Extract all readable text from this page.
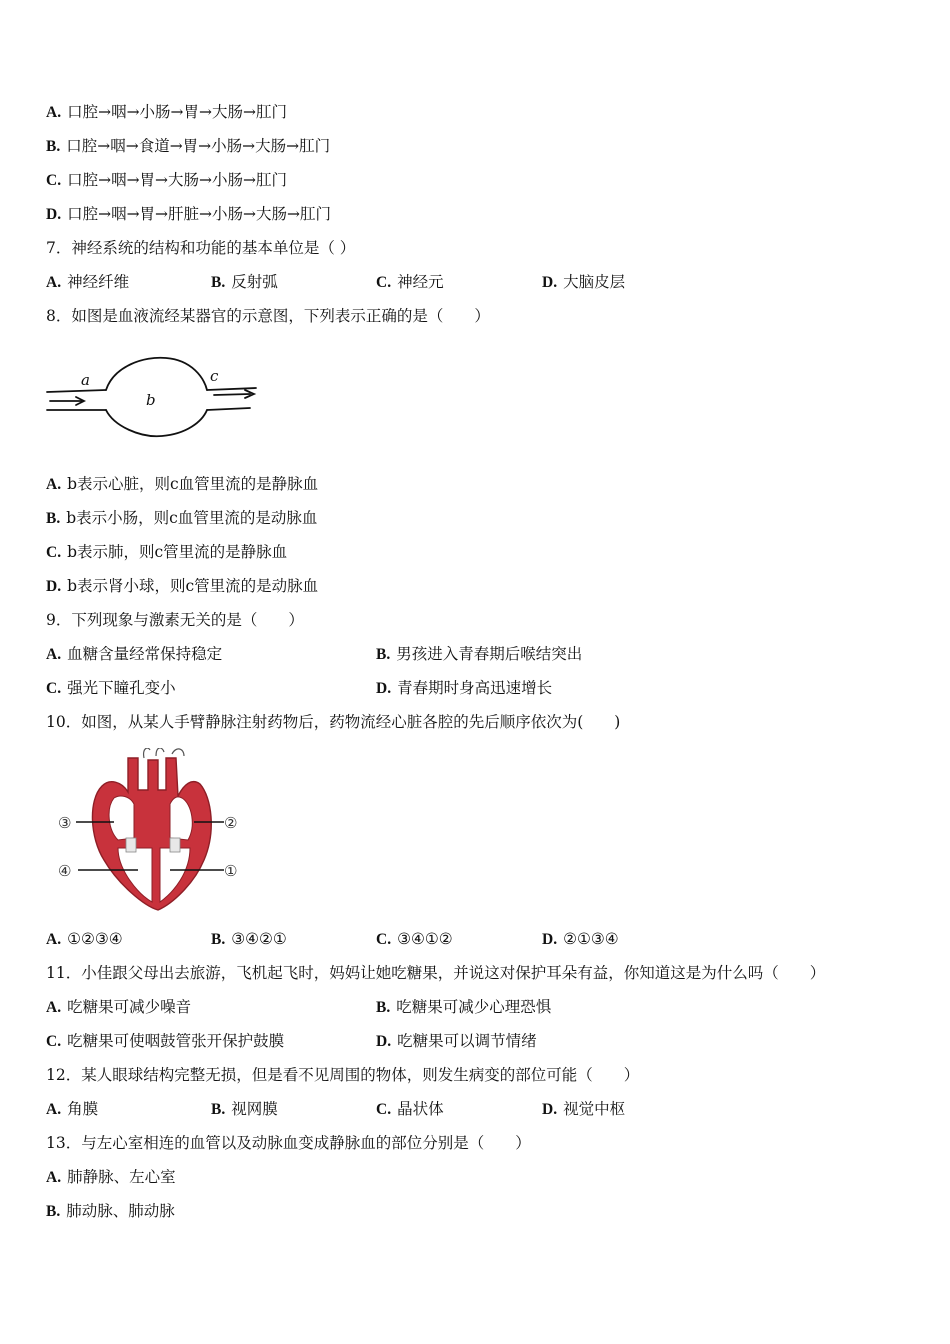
A. 口腔→咽→小肠→胃→大肠→肛门
B. 口腔→咽→食道→胃→小肠→大肠→肛门
C. 口腔→咽→胃→大肠→小肠→肛门
D. 口腔→咽→胃→肝脏→小肠→大肠→肛门
7．神经系统的结构和功能的基本单位是（ ）
A. 神经纤维	B. 反射弧	C. 神经元	D. 大脑皮层
8．如图是血液流经某器官的示意图，下列表示正确的是（　　）
a
b
c
A. b表示心脏，则c血管里流的是静脉血
B. b表示小肠，则c血管里流的是动脉血
C. b表示肺，则c管里流的是静脉血
D. b表示肾小球，则c管里流的是动脉血
9．下列现象与激素无关的是（　　）
A. 血糖含量经常保持稳定	B. 男孩进入青春期后喉结突出
C. 强光下瞳孔变小	D. 青春期时身高迅速增长
10．如图，从某人手臂静脉注射药物后，药物流经心脏各腔的先后顺序依次为(　　)
③
④
②
①
A. ①②③④	B. ③④②①	C. ③④①②	D. ②①③④
11．小佳跟父母出去旅游，飞机起飞时，妈妈让她吃糖果，并说这对保护耳朵有益，你知道这是为什么吗（　　）
A. 吃糖果可减少噪音	B. 吃糖果可减少心理恐惧
C. 吃糖果可使咽鼓管张开保护鼓膜	D. 吃糖果可以调节情绪
12．某人眼球结构完整无损，但是看不见周围的物体，则发生病变的部位可能（　　）
A. 角膜	B. 视网膜	C. 晶状体	D. 视觉中枢
13．与左心室相连的血管以及动脉血变成静脉血的部位分别是（　　）
A. 肺静脉、左心室
B. 肺动脉、肺动脉
